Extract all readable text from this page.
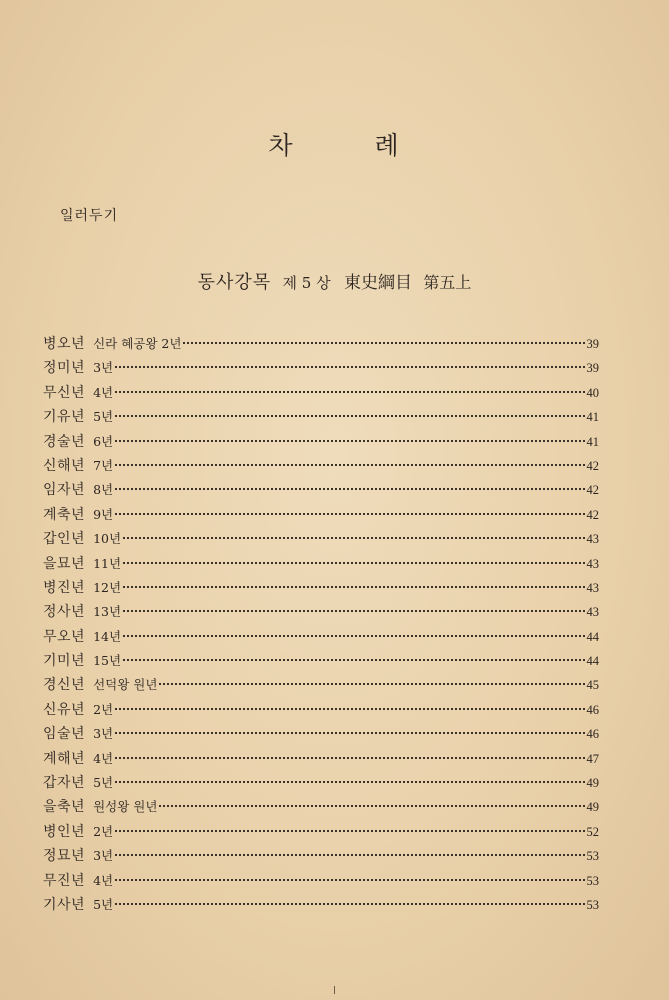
차	례
일러두기
동사강목 제 5 상 東史綱目 第五上
병오년 신라 혜공왕 2년	39
정미년 3년	39
무신년 4년	40
기유년 5년	41
경술년 6년	41
신해년 7년	42
임자년 8년	42
계축년 9년	42
갑인년 10년	43
을묘년 11년	43
병진년 12년	43
정사년 13년	43
무오년 14년	44
기미년 15년	44
경신년 선덕왕 원년	45
신유년 2년	46
임술년 3년	46
계해년 4년	47
갑자년 5년	49
을축년 원성왕 원년	49
병인년 2년	52
정묘년 3년	53
무진년 4년	53
기사년 5년	53
